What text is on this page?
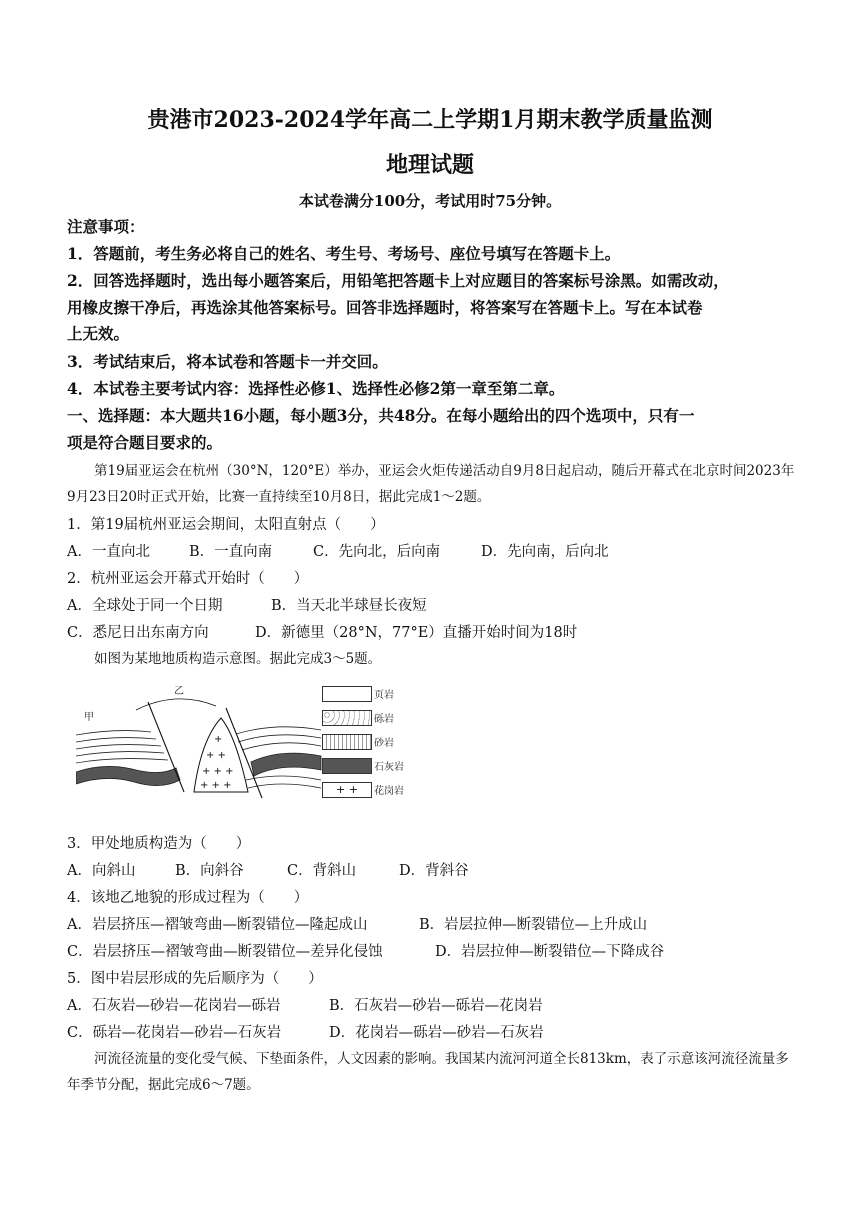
贵港市2023-2024学年高二上学期1月期末教学质量监测
地理试题
本试卷满分100分，考试用时75分钟。
注意事项：
1．答题前，考生务必将自己的姓名、考生号、考场号、座位号填写在答题卡上。
2．回答选择题时，选出每小题答案后，用铅笔把答题卡上对应题目的答案标号涂黑。如需改动，
用橡皮擦干净后，再选涂其他答案标号。回答非选择题时，将答案写在答题卡上。写在本试卷
上无效。
3．考试结束后，将本试卷和答题卡一并交回。
4．本试卷主要考试内容：选择性必修1、选择性必修2第一章至第二章。
一、选择题：本大题共16小题，每小题3分，共48分。在每小题给出的四个选项中，只有一
项是符合题目要求的。
第19届亚运会在杭州（30°N，120°E）举办，亚运会火炬传递活动自9月8日起启动，随后开幕式在北京时间2023年9月23日20时正式开始，比赛一直持续至10月8日，据此完成1～2题。
1．第19届杭州亚运会期间，太阳直射点（　　）
A．一直向北	B．一直向南	C．先向北，后向南	D．先向南，后向北
2．杭州亚运会开幕式开始时（　　）
A．全球处于同一个日期	B．当天北半球昼长夜短
C．悉尼日出东南方向	D．新德里（28°N，77°E）直播开始时间为18时
如图为某地地质构造示意图。据此完成3～5题。
+
+ +
+ + +
+ + +
甲
乙	页岩
砾岩
砂岩
石灰岩
+ +	花岗岩
3．甲处地质构造为（　　）
A．向斜山	B．向斜谷	C．背斜山	D．背斜谷
4．该地乙地貌的形成过程为（　　）
A．岩层挤压—褶皱弯曲—断裂错位—隆起成山	B．岩层拉伸—断裂错位—上升成山
C．岩层挤压—褶皱弯曲—断裂错位—差异化侵蚀	D．岩层拉伸—断裂错位—下降成谷
5．图中岩层形成的先后顺序为（　　）
A．石灰岩—砂岩—花岗岩—砾岩	B．石灰岩—砂岩—砾岩—花岗岩
C．砾岩—花岗岩—砂岩—石灰岩	D．花岗岩—砾岩—砂岩—石灰岩
河流径流量的变化受气候、下垫面条件，人文因素的影响。我国某内流河河道全长813km，表了示意该河流径流量多年季节分配，据此完成6～7题。
